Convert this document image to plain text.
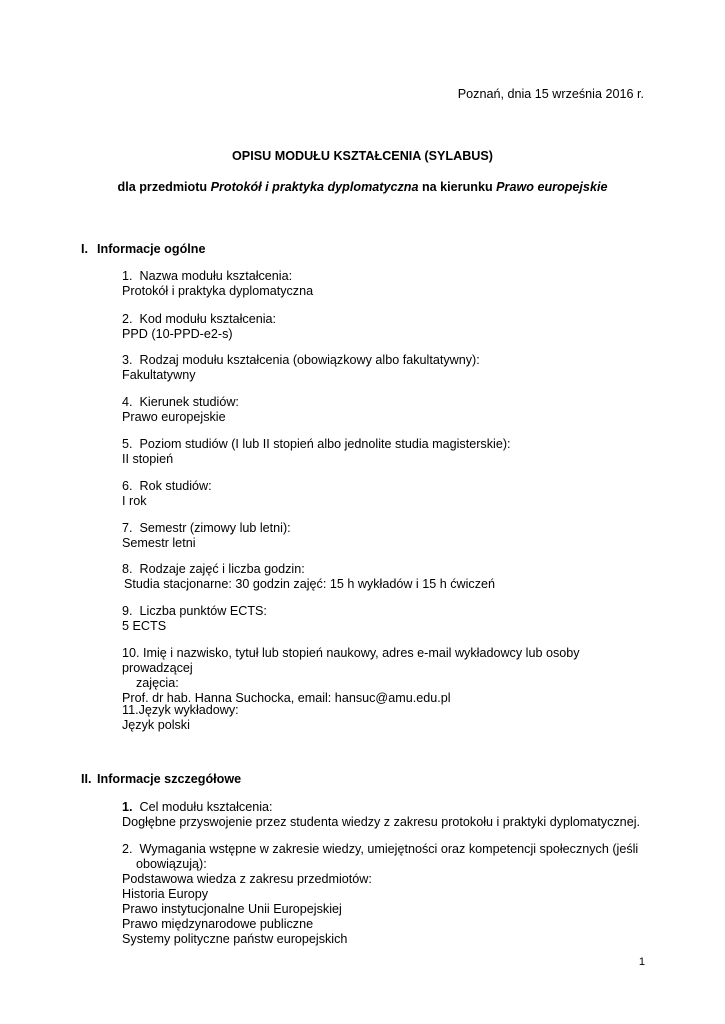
Poznań, dnia 15 września 2016 r.
OPISU MODUŁU KSZTAŁCENIA (SYLABUS)
dla przedmiotu Protokół i praktyka dyplomatyczna na kierunku Prawo europejskie
I. Informacje ogólne
1. Nazwa modułu kształcenia:
Protokół i praktyka dyplomatyczna
2. Kod modułu kształcenia:
PPD (10-PPD-e2-s)
3. Rodzaj modułu kształcenia (obowiązkowy albo fakultatywny):
Fakultatywny
4. Kierunek studiów:
Prawo europejskie
5. Poziom studiów (I lub II stopień albo jednolite studia magisterskie):
II stopień
6. Rok studiów:
I rok
7. Semestr (zimowy lub letni):
Semestr letni
8. Rodzaje zajęć i liczba godzin:
Studia stacjonarne: 30 godzin zajęć: 15 h wykładów i 15 h ćwiczeń
9. Liczba punktów ECTS:
5 ECTS
10. Imię i nazwisko, tytuł lub stopień naukowy, adres e-mail wykładowcy lub osoby prowadzącej
zajęcia:
Prof. dr hab. Hanna Suchocka, email: hansuc@amu.edu.pl
11.Język wykładowy:
Język polski
II. Informacje szczegółowe
1. Cel modułu kształcenia:
Dogłębne przyswojenie przez studenta wiedzy z zakresu protokołu i praktyki dyplomatycznej.
2. Wymagania wstępne w zakresie wiedzy, umiejętności oraz kompetencji społecznych (jeśli
obowiązują):
Podstawowa wiedza z zakresu przedmiotów:
Historia Europy
Prawo instytucjonalne Unii Europejskiej
Prawo międzynarodowe publiczne
Systemy polityczne państw europejskich
1
